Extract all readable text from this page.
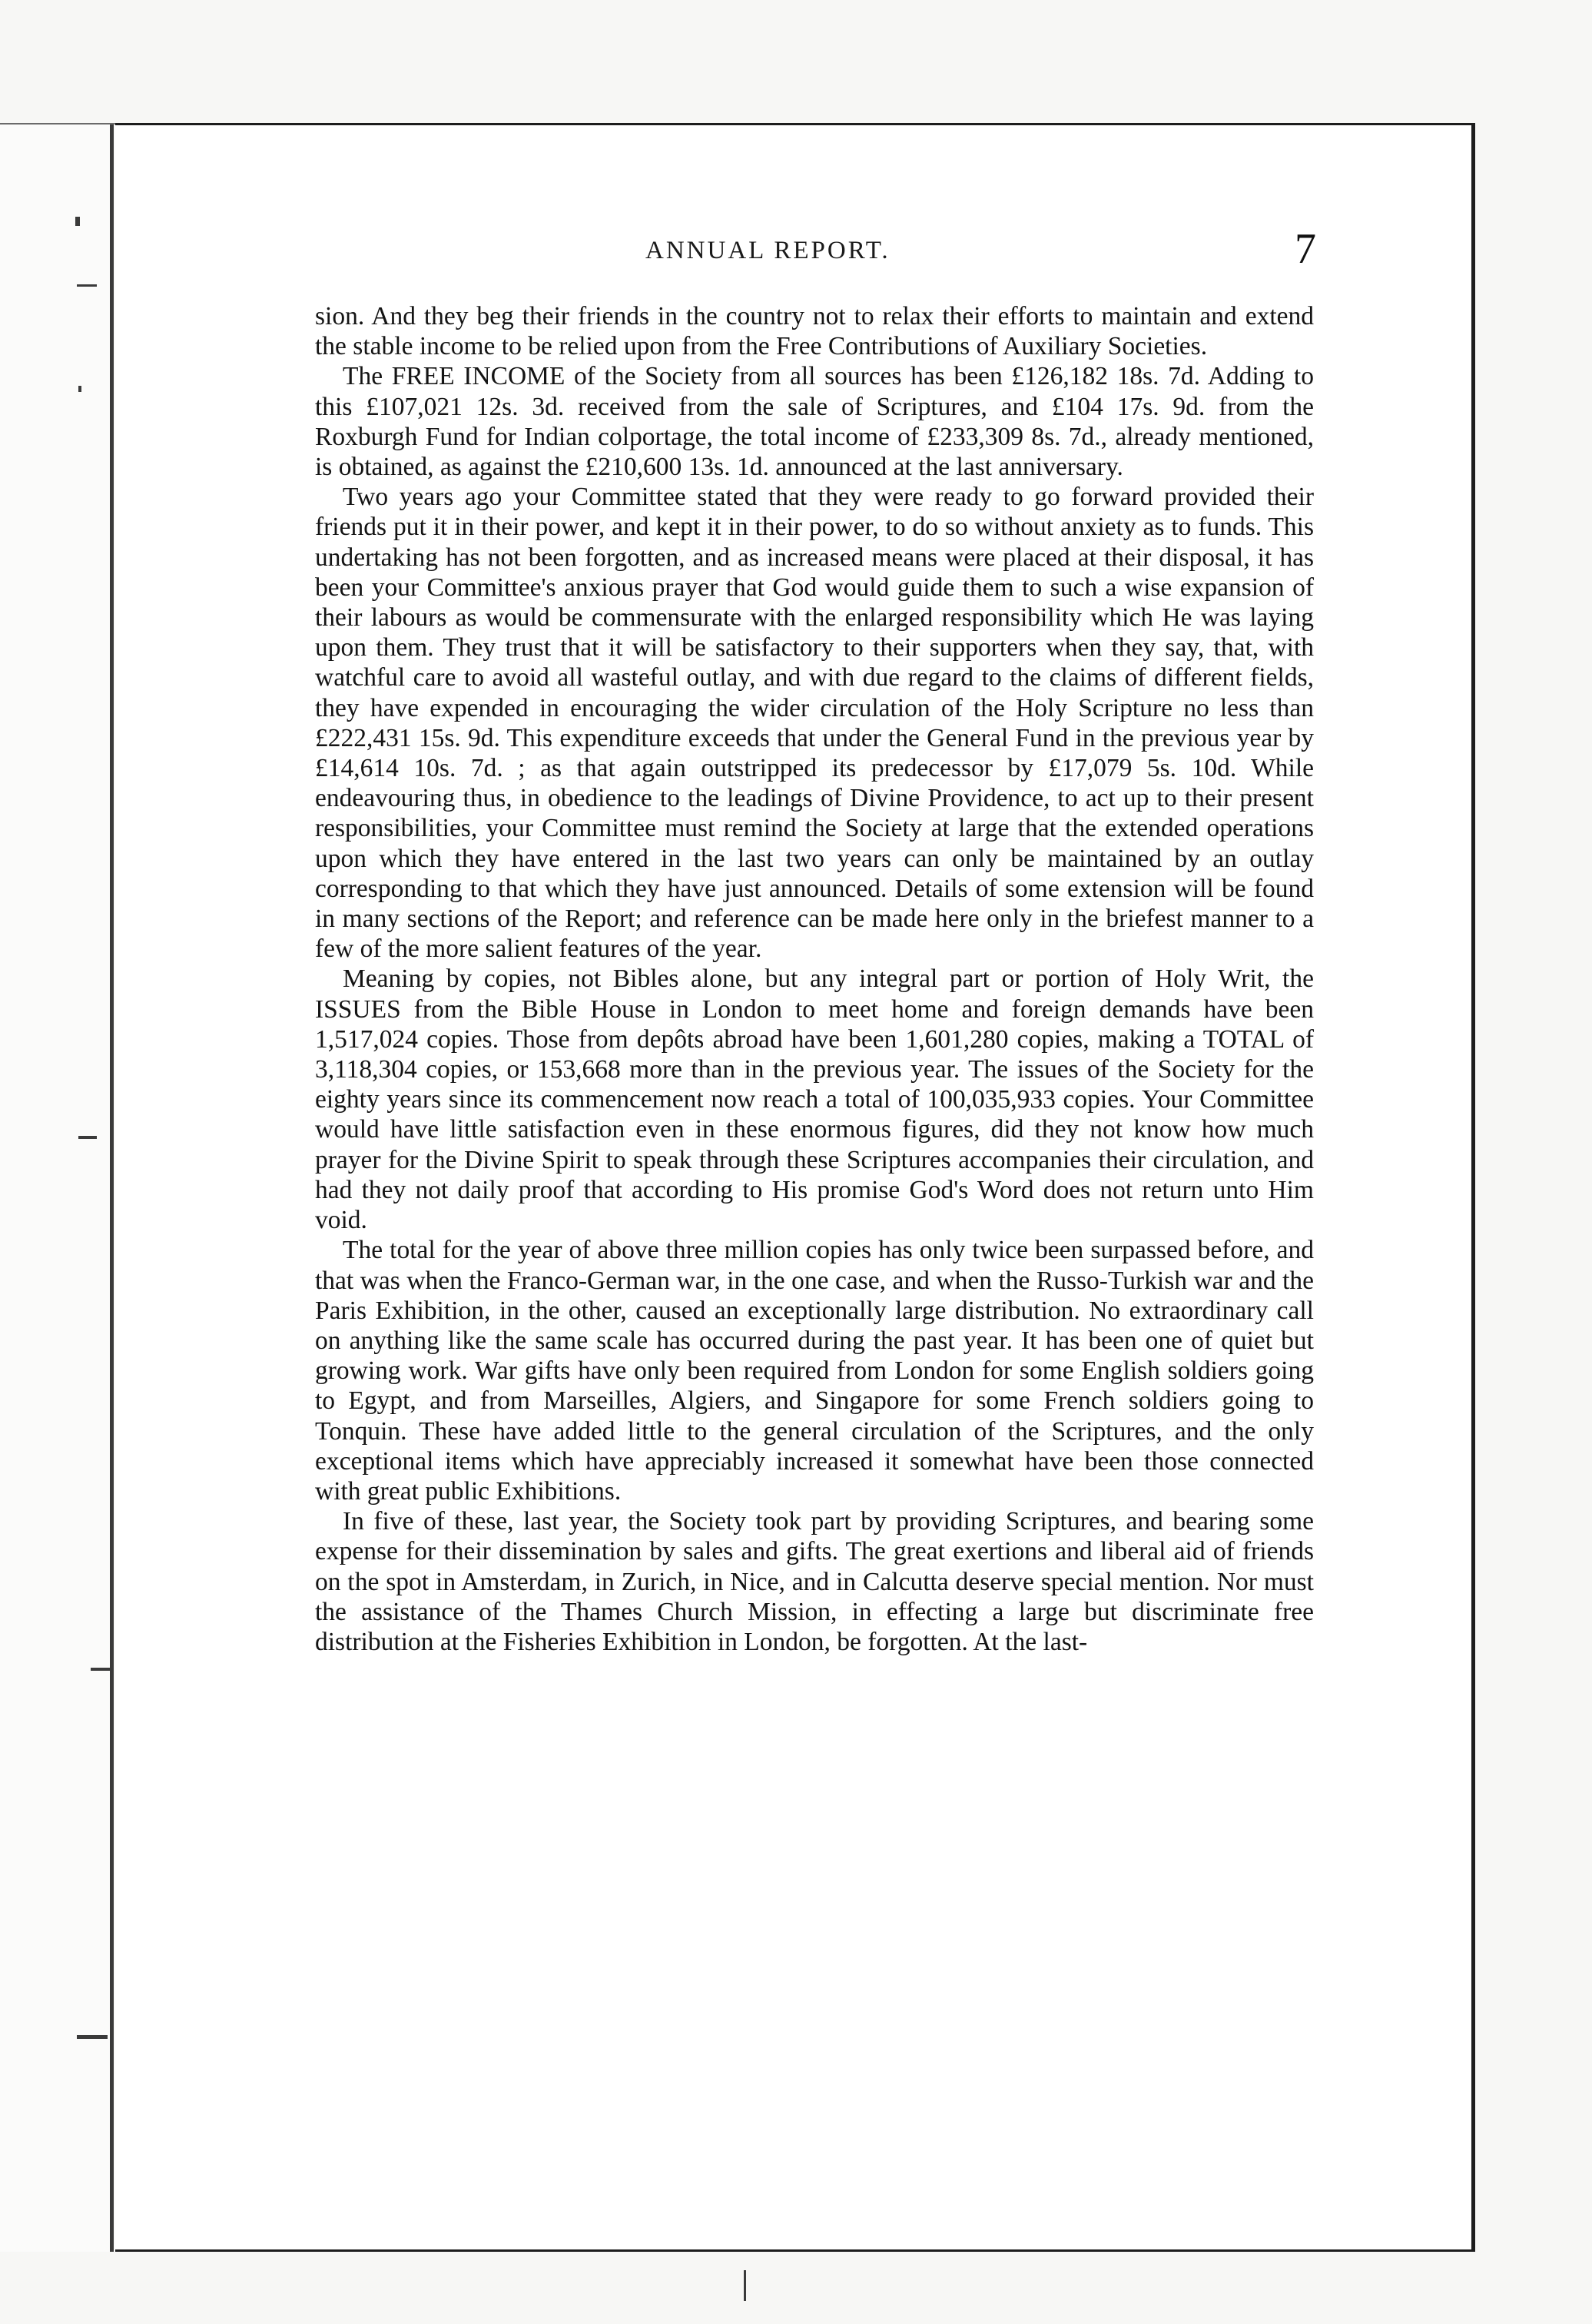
ANNUAL REPORT.	7

sion. And they beg their friends in the country not to relax their efforts to maintain and extend the stable income to be relied upon from the Free Contributions of Auxiliary Societies.

The FREE INCOME of the Society from all sources has been £126,182 18s. 7d. Adding to this £107,021 12s. 3d. received from the sale of Scriptures, and £104 17s. 9d. from the Roxburgh Fund for Indian colportage, the total income of £233,309 8s. 7d., already mentioned, is obtained, as against the £210,600 13s. 1d. announced at the last anniversary.

Two years ago your Committee stated that they were ready to go forward provided their friends put it in their power, and kept it in their power, to do so without anxiety as to funds. This undertaking has not been forgotten, and as increased means were placed at their disposal, it has been your Committee's anxious prayer that God would guide them to such a wise expansion of their labours as would be commensurate with the enlarged responsibility which He was laying upon them. They trust that it will be satisfactory to their supporters when they say, that, with watchful care to avoid all wasteful outlay, and with due regard to the claims of different fields, they have expended in encouraging the wider circulation of the Holy Scripture no less than £222,431 15s. 9d. This expenditure exceeds that under the General Fund in the previous year by £14,614 10s. 7d. ; as that again outstripped its predecessor by £17,079 5s. 10d. While endeavouring thus, in obedience to the leadings of Divine Providence, to act up to their present responsibilities, your Committee must remind the Society at large that the extended operations upon which they have entered in the last two years can only be maintained by an outlay corresponding to that which they have just announced. Details of some extension will be found in many sections of the Report; and reference can be made here only in the briefest manner to a few of the more salient features of the year.

Meaning by copies, not Bibles alone, but any integral part or portion of Holy Writ, the ISSUES from the Bible House in London to meet home and foreign demands have been 1,517,024 copies. Those from depôts abroad have been 1,601,280 copies, making a TOTAL of 3,118,304 copies, or 153,668 more than in the previous year. The issues of the Society for the eighty years since its commencement now reach a total of 100,035,933 copies. Your Committee would have little satisfaction even in these enormous figures, did they not know how much prayer for the Divine Spirit to speak through these Scriptures accompanies their circulation, and had they not daily proof that according to His promise God's Word does not return unto Him void.

The total for the year of above three million copies has only twice been surpassed before, and that was when the Franco-German war, in the one case, and when the Russo-Turkish war and the Paris Exhibition, in the other, caused an exceptionally large distribution. No extraordinary call on anything like the same scale has occurred during the past year. It has been one of quiet but growing work. War gifts have only been required from London for some English soldiers going to Egypt, and from Marseilles, Algiers, and Singapore for some French soldiers going to Tonquin. These have added little to the general circulation of the Scriptures, and the only exceptional items which have appreciably increased it somewhat have been those connected with great public Exhibitions.

In five of these, last year, the Society took part by providing Scriptures, and bearing some expense for their dissemination by sales and gifts. The great exertions and liberal aid of friends on the spot in Amsterdam, in Zurich, in Nice, and in Calcutta deserve special mention. Nor must the assistance of the Thames Church Mission, in effecting a large but discriminate free distribution at the Fisheries Exhibition in London, be forgotten. At the last-
